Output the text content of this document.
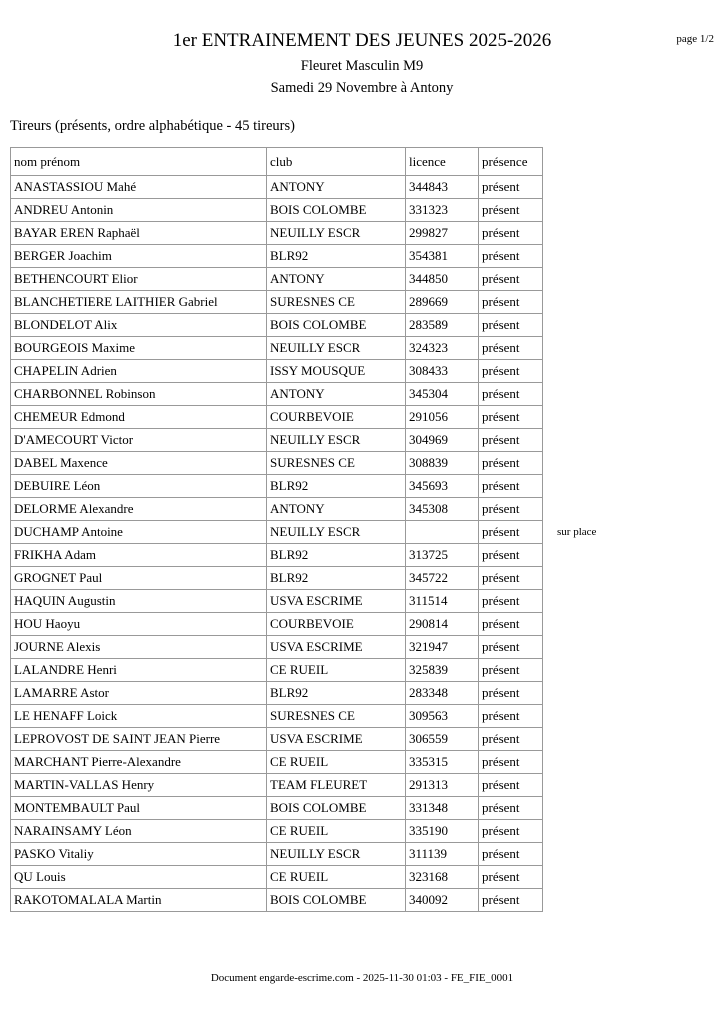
page 1/2
1er ENTRAINEMENT DES JEUNES 2025-2026
Fleuret Masculin M9
Samedi 29 Novembre à Antony
Tireurs (présents, ordre alphabétique - 45 tireurs)
nom prénom	club	licence	présence	
ANASTASSIOU Mahé	ANTONY	344843	présent	
ANDREU Antonin	BOIS COLOMBE	331323	présent	
BAYAR EREN Raphaël	NEUILLY ESCR	299827	présent	
BERGER Joachim	BLR92	354381	présent	
BETHENCOURT Elior	ANTONY	344850	présent	
BLANCHETIERE LAITHIER Gabriel	SURESNES CE	289669	présent	
BLONDELOT Alix	BOIS COLOMBE	283589	présent	
BOURGEOIS Maxime	NEUILLY ESCR	324323	présent	
CHAPELIN Adrien	ISSY MOUSQUE	308433	présent	
CHARBONNEL Robinson	ANTONY	345304	présent	
CHEMEUR Edmond	COURBEVOIE	291056	présent	
D'AMECOURT Victor	NEUILLY ESCR	304969	présent	
DABEL Maxence	SURESNES CE	308839	présent	
DEBUIRE Léon	BLR92	345693	présent	
DELORME Alexandre	ANTONY	345308	présent	
DUCHAMP Antoine	NEUILLY ESCR		présent	sur place
FRIKHA Adam	BLR92	313725	présent	
GROGNET Paul	BLR92	345722	présent	
HAQUIN Augustin	USVA ESCRIME	311514	présent	
HOU Haoyu	COURBEVOIE	290814	présent	
JOURNE Alexis	USVA ESCRIME	321947	présent	
LALANDRE Henri	CE RUEIL	325839	présent	
LAMARRE Astor	BLR92	283348	présent	
LE HENAFF Loick	SURESNES CE	309563	présent	
LEPROVOST DE SAINT JEAN Pierre	USVA ESCRIME	306559	présent	
MARCHANT Pierre-Alexandre	CE RUEIL	335315	présent	
MARTIN-VALLAS Henry	TEAM FLEURET	291313	présent	
MONTEMBAULT Paul	BOIS COLOMBE	331348	présent	
NARAINSAMY Léon	CE RUEIL	335190	présent	
PASKO Vitaliy	NEUILLY ESCR	311139	présent	
QU Louis	CE RUEIL	323168	présent	
RAKOTOMALALA Martin	BOIS COLOMBE	340092	présent	
Document engarde-escrime.com - 2025-11-30 01:03 - FE_FIE_0001
